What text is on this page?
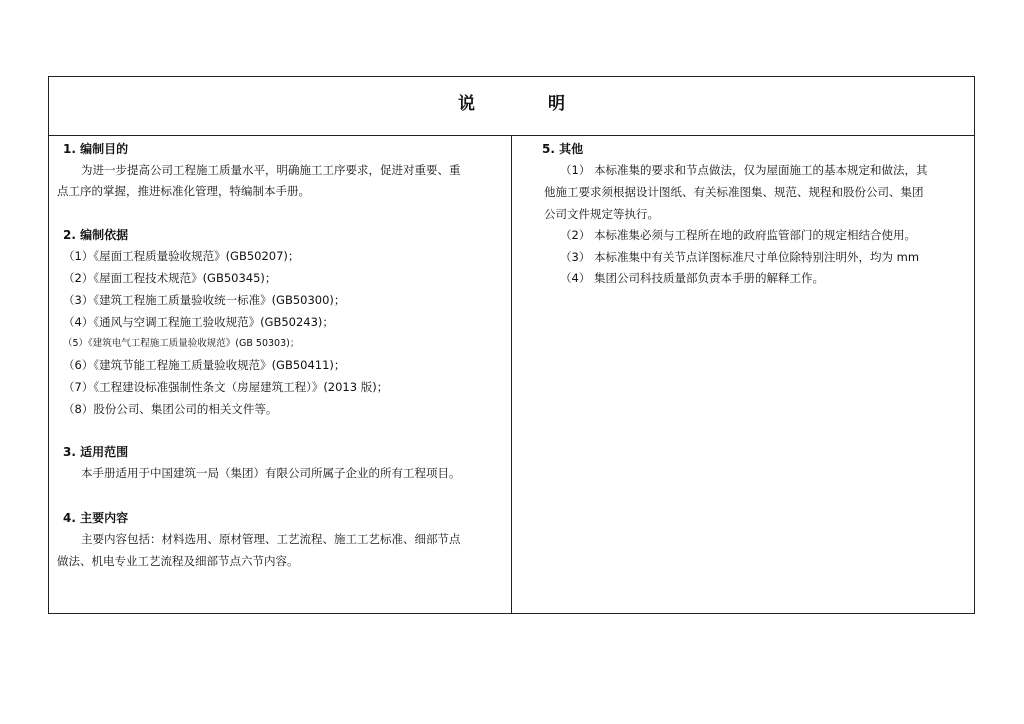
说　明
1. 编制目的
为进一步提高公司工程施工质量水平，明确施工工序要求，促进对重要、重
点工序的掌握，推进标准化管理，特编制本手册。
2. 编制依据
（1）《屋面工程质量验收规范》(GB50207)；
（2）《屋面工程技术规范》(GB50345)；
（3）《建筑工程施工质量验收统一标准》(GB50300)；
（4）《通风与空调工程施工验收规范》(GB50243)；
（5）《建筑电气工程施工质量验收规范》(GB 50303)；
（6）《建筑节能工程施工质量验收规范》(GB50411)；
（7）《工程建设标准强制性条文（房屋建筑工程）》(2013 版)；
（8）股份公司、集团公司的相关文件等。
3. 适用范围
本手册适用于中国建筑一局（集团）有限公司所属子企业的所有工程项目。
4. 主要内容
主要内容包括：材料选用、原材管理、工艺流程、施工工艺标准、细部节点
做法、机电专业工艺流程及细部节点六节内容。
5. 其他
（1） 本标准集的要求和节点做法，仅为屋面施工的基本规定和做法，其
他施工要求须根据设计图纸、有关标准图集、规范、规程和股份公司、集团
公司文件规定等执行。
（2） 本标准集必须与工程所在地的政府监管部门的规定相结合使用。
（3） 本标准集中有关节点详图标准尺寸单位除特别注明外，均为 mm
（4） 集团公司科技质量部负责本手册的解释工作。
